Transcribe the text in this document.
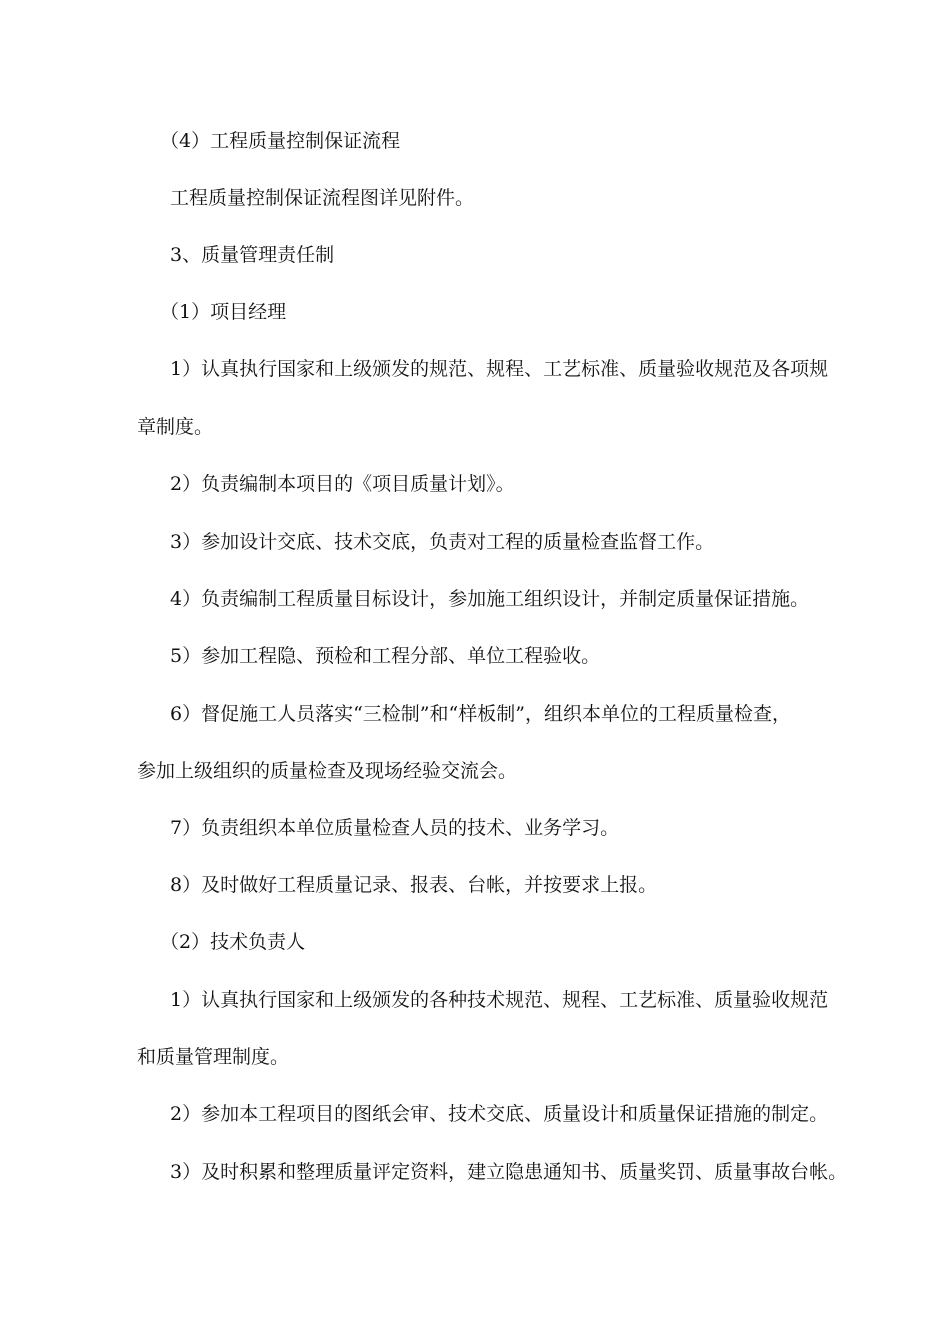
（4）工程质量控制保证流程
工程质量控制保证流程图详见附件。
3、质量管理责任制
（1）项目经理
1）认真执行国家和上级颁发的规范、规程、工艺标准、质量验收规范及各项规
章制度。
2）负责编制本项目的《项目质量计划》。
3）参加设计交底、技术交底，负责对工程的质量检查监督工作。
4）负责编制工程质量目标设计，参加施工组织设计，并制定质量保证措施。
5）参加工程隐、预检和工程分部、单位工程验收。
6）督促施工人员落实“三检制”和“样板制”，组织本单位的工程质量检查，
参加上级组织的质量检查及现场经验交流会。
7）负责组织本单位质量检查人员的技术、业务学习。
8）及时做好工程质量记录、报表、台帐，并按要求上报。
（2）技术负责人
1）认真执行国家和上级颁发的各种技术规范、规程、工艺标准、质量验收规范
和质量管理制度。
2）参加本工程项目的图纸会审、技术交底、质量设计和质量保证措施的制定。
3）及时积累和整理质量评定资料，建立隐患通知书、质量奖罚、质量事故台帐。
